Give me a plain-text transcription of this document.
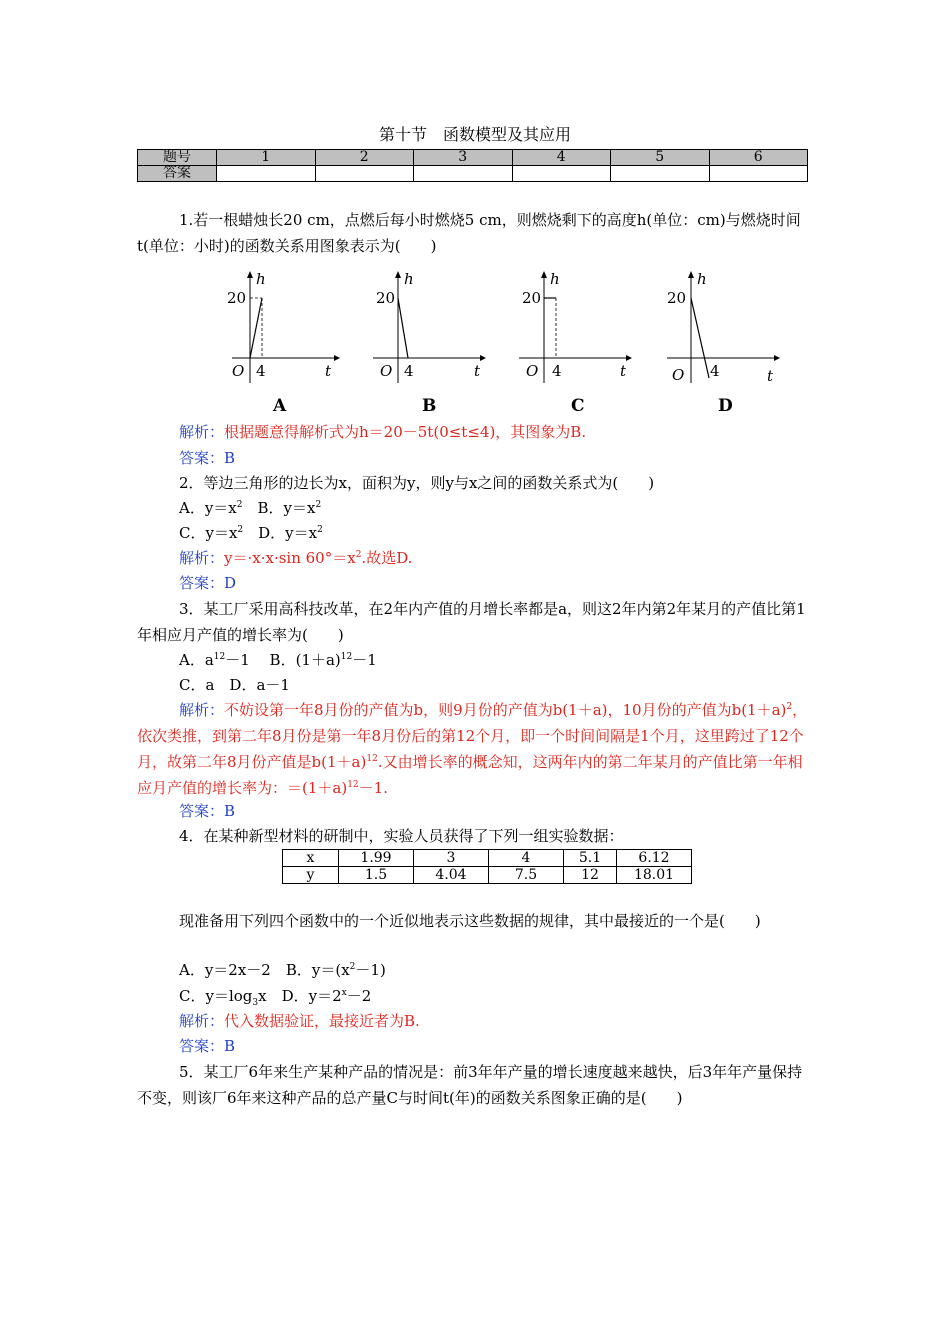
第十节　函数模型及其应用
题号	1	2	3	4	5	6
答案						

1.若一根蜡烛长20 cm，点燃后每小时燃烧5 cm，则燃烧剩下的高度h(单位：cm)与燃烧时间t(单位：小时)的函数关系用图象表示为(　　)

h
t
20
O 4
h
t
20
O 4
h
t
20
O 4
h
t
20
O 4
A	B	C	D

解析：根据题意得解析式为h＝20－5t(0≤t≤4)，其图象为B.

答案：B

2．等边三角形的边长为x，面积为y，则y与x之间的函数关系式为(　　)

A．$y=x^2$　B．$y=x^2$

C．$y=x^2$　D．$y=x^2$

解析：y＝·x·x·sin $60^\circ=x^2$.故选D.

答案：D

3．某工厂采用高科技改革，在2年内产值的月增长率都是a，则这2年内第2年某月的产值比第1年相应月产值的增长率为(　　)

A．$a^{12}-1$　 B．$(1+a)^{12}-1$

C．a　D．a－1

解析：不妨设第一年8月份的产值为b，则9月份的产值为b(1＋a)，10月份的产值为$b(1+a)^2$，依次类推，到第二年8月份是第一年8月份后的第12个月，即一个时间间隔是1个月，这里跨过了12个月，故第二年8月份产值是$b(1+a)^{12}$.又由增长率的概念知，这两年内的第二年某月的产值比第一年相应月产值的增长率为：$=(1+a)^{12}-1$.

答案：B

4．在某种新型材料的研制中，实验人员获得了下列一组实验数据：

x	1.99	3	4	5.1	6.12
y	1.5	4.04	7.5	12	18.01

现准备用下列四个函数中的一个近似地表示这些数据的规律，其中最接近的一个是(　　)

A．y＝2x－2　B．$y=(x^2-1)$

C．$y=\log_3x$　D．$y=2^x-2$

解析：代入数据验证，最接近者为B.

答案：B

5．某工厂6年来生产某种产品的情况是：前3年年产量的增长速度越来越快，后3年年产量保持不变，则该厂6年来这种产品的总产量C与时间t(年)的函数关系图象正确的是(　　)
